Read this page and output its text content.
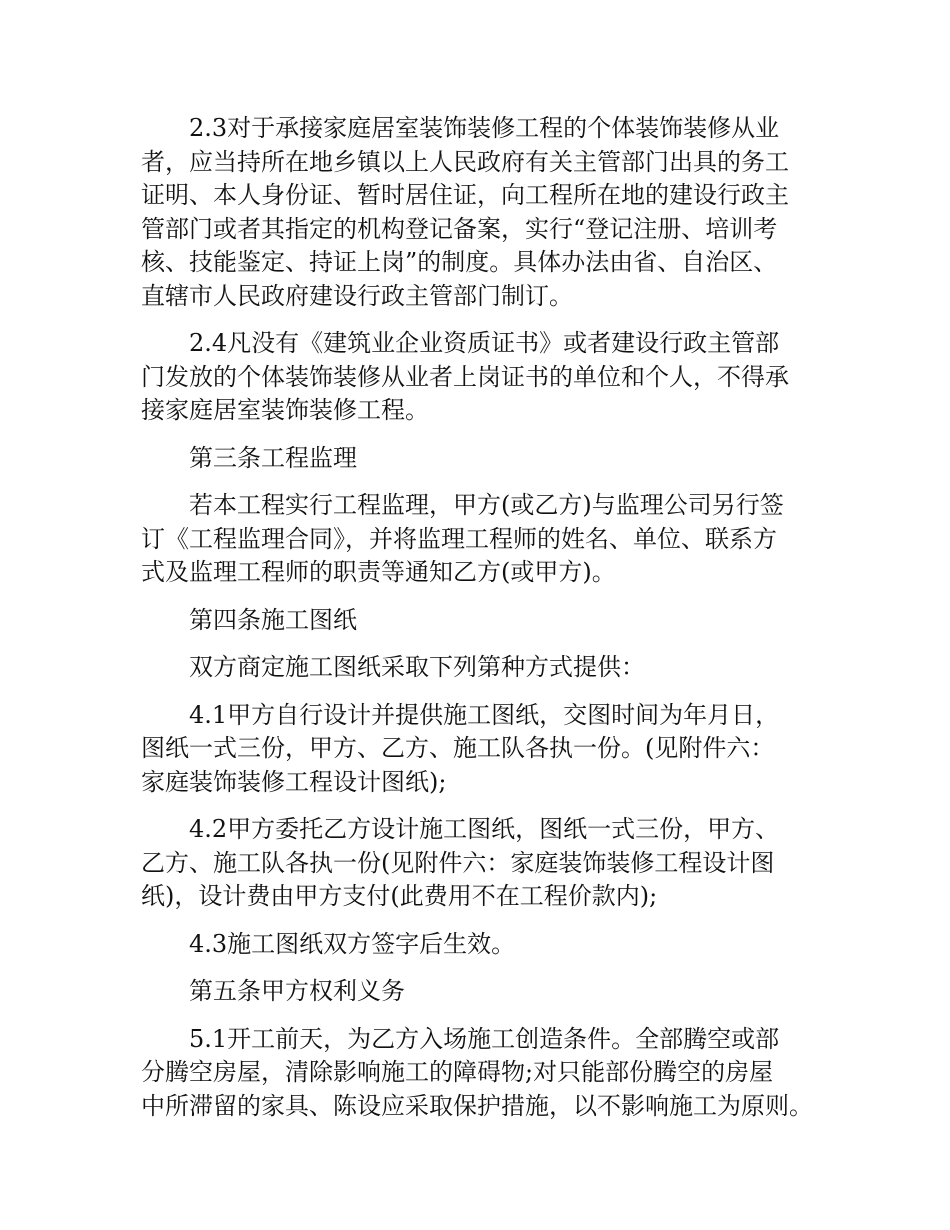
2.3对于承接家庭居室装饰装修工程的个体装饰装修从业
者，应当持所在地乡镇以上人民政府有关主管部门出具的务工
证明、本人身份证、暂时居住证，向工程所在地的建设行政主
管部门或者其指定的机构登记备案，实行“登记注册、培训考
核、技能鉴定、持证上岗”的制度。具体办法由省、自治区、
直辖市人民政府建设行政主管部门制订。

2.4凡没有《建筑业企业资质证书》或者建设行政主管部
门发放的个体装饰装修从业者上岗证书的单位和个人，不得承
接家庭居室装饰装修工程。

第三条工程监理

若本工程实行工程监理，甲方(或乙方)与监理公司另行签
订《工程监理合同》，并将监理工程师的姓名、单位、联系方
式及监理工程师的职责等通知乙方(或甲方)。

第四条施工图纸

双方商定施工图纸采取下列第种方式提供：

4.1甲方自行设计并提供施工图纸，交图时间为年月日，
图纸一式三份，甲方、乙方、施工队各执一份。(见附件六：
家庭装饰装修工程设计图纸);

4.2甲方委托乙方设计施工图纸，图纸一式三份，甲方、
乙方、施工队各执一份(见附件六：家庭装饰装修工程设计图
纸)，设计费由甲方支付(此费用不在工程价款内);

4.3施工图纸双方签字后生效。

第五条甲方权利义务

5.1开工前天，为乙方入场施工创造条件。全部腾空或部
分腾空房屋，清除影响施工的障碍物;对只能部份腾空的房屋
中所滞留的家具、陈设应采取保护措施，以不影响施工为原则。
